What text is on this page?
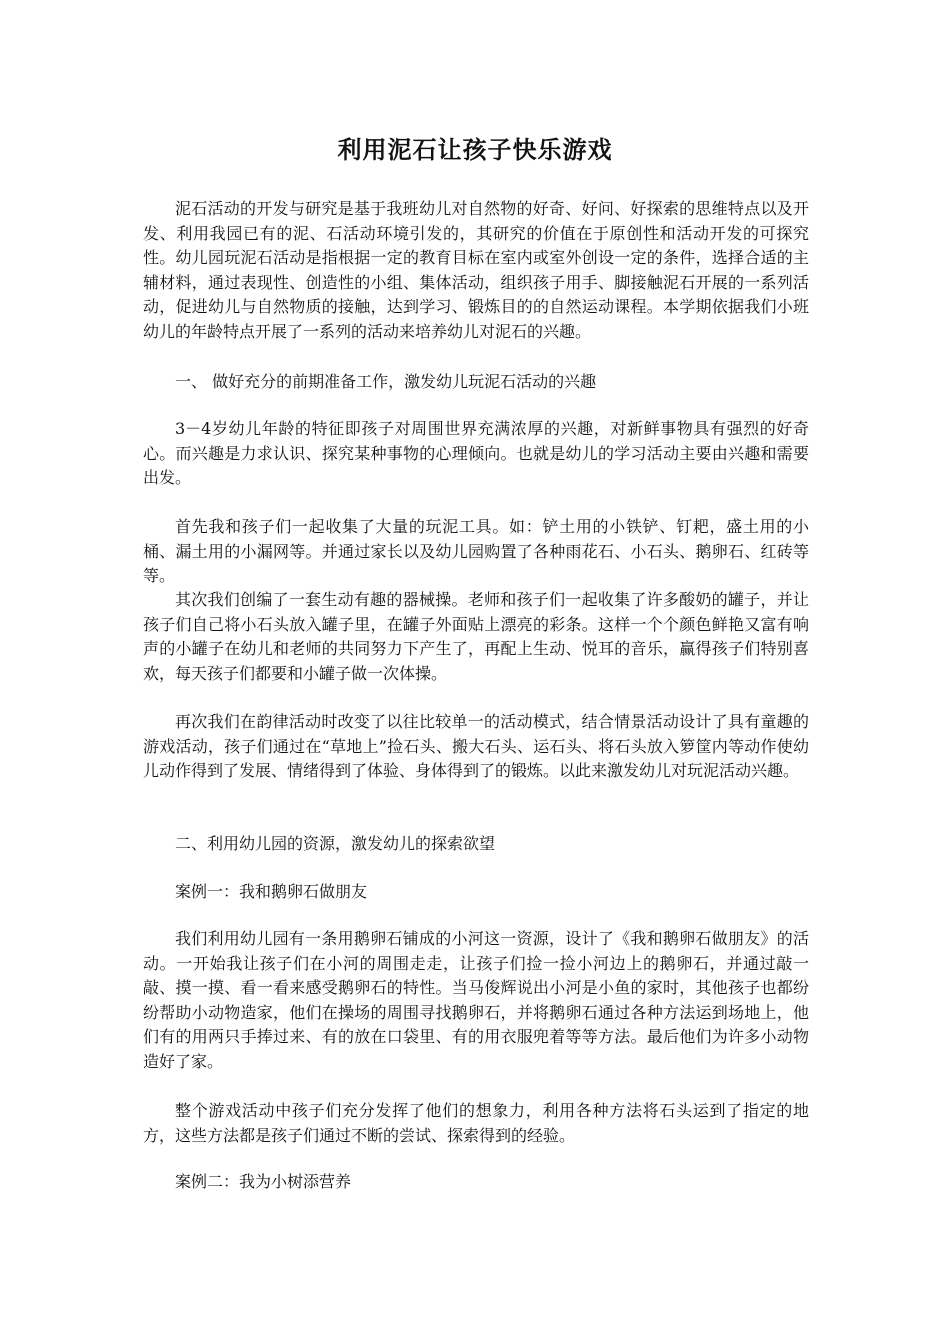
利用泥石让孩子快乐游戏

泥石活动的开发与研究是基于我班幼儿对自然物的好奇、好问、好探索的思维特点以及开发、利用我园已有的泥、石活动环境引发的，其研究的价值在于原创性和活动开发的可探究性。幼儿园玩泥石活动是指根据一定的教育目标在室内或室外创设一定的条件，选择合适的主辅材料，通过表现性、创造性的小组、集体活动，组织孩子用手、脚接触泥石开展的一系列活动，促进幼儿与自然物质的接触，达到学习、锻炼目的的自然运动课程。本学期依据我们小班幼儿的年龄特点开展了一系列的活动来培养幼儿对泥石的兴趣。

一、 做好充分的前期准备工作，激发幼儿玩泥石活动的兴趣

3－4岁幼儿年龄的特征即孩子对周围世界充满浓厚的兴趣，对新鲜事物具有强烈的好奇心。而兴趣是力求认识、探究某种事物的心理倾向。也就是幼儿的学习活动主要由兴趣和需要出发。

首先我和孩子们一起收集了大量的玩泥工具。如：铲土用的小铁铲、钉耙，盛土用的小桶、漏土用的小漏网等。并通过家长以及幼儿园购置了各种雨花石、小石头、鹅卵石、红砖等等。

其次我们创编了一套生动有趣的器械操。老师和孩子们一起收集了许多酸奶的罐子，并让孩子们自己将小石头放入罐子里，在罐子外面贴上漂亮的彩条。这样一个个颜色鲜艳又富有响声的小罐子在幼儿和老师的共同努力下产生了，再配上生动、悦耳的音乐，赢得孩子们特别喜欢，每天孩子们都要和小罐子做一次体操。

再次我们在韵律活动时改变了以往比较单一的活动模式，结合情景活动设计了具有童趣的游戏活动，孩子们通过在“草地上”捡石头、搬大石头、运石头、将石头放入箩筐内等动作使幼儿动作得到了发展、情绪得到了体验、身体得到了的锻炼。以此来激发幼儿对玩泥活动兴趣。

二、利用幼儿园的资源，激发幼儿的探索欲望

案例一：我和鹅卵石做朋友

我们利用幼儿园有一条用鹅卵石铺成的小河这一资源，设计了《我和鹅卵石做朋友》的活动。一开始我让孩子们在小河的周围走走，让孩子们捡一捡小河边上的鹅卵石，并通过敲一敲、摸一摸、看一看来感受鹅卵石的特性。当马俊辉说出小河是小鱼的家时，其他孩子也都纷纷帮助小动物造家，他们在操场的周围寻找鹅卵石，并将鹅卵石通过各种方法运到场地上，他们有的用两只手捧过来、有的放在口袋里、有的用衣服兜着等等方法。最后他们为许多小动物造好了家。

整个游戏活动中孩子们充分发挥了他们的想象力，利用各种方法将石头运到了指定的地方，这些方法都是孩子们通过不断的尝试、探索得到的经验。

案例二：我为小树添营养
